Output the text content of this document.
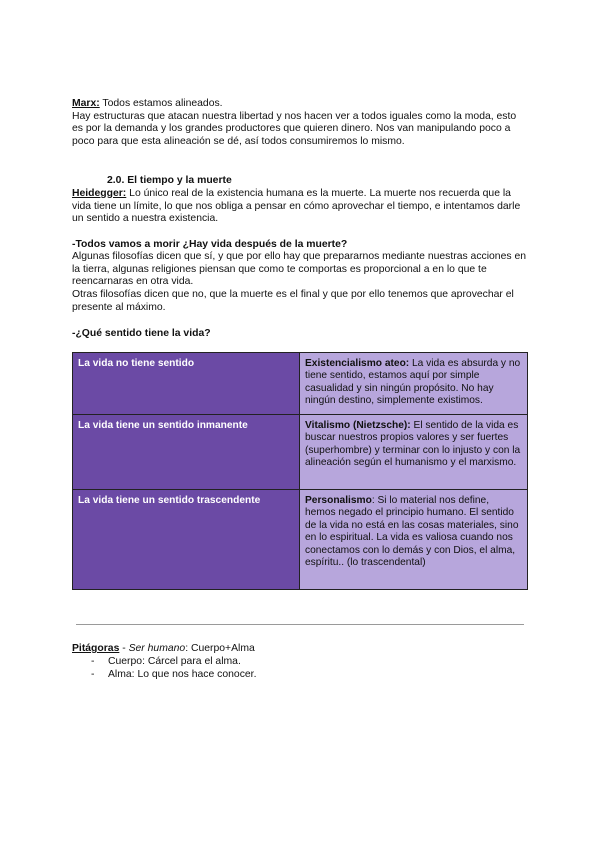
Marx: Todos estamos alineados.
Hay estructuras que atacan nuestra libertad y nos hacen ver a todos iguales como la moda, esto es por la demanda y los grandes productores que quieren dinero. Nos van manipulando poco a poco para que esta alineación se dé, así todos consumiremos lo mismo.

2.0. El tiempo y la muerte

Heidegger: Lo único real de la existencia humana es la muerte. La muerte nos recuerda que la vida tiene un límite, lo que nos obliga a pensar en cómo aprovechar el tiempo, e intentamos darle un sentido a nuestra existencia.

-Todos vamos a morir ¿Hay vida después de la muerte?

Algunas filosofías dicen que sí, y que por ello hay que prepararnos mediante nuestras acciones en la tierra, algunas religiones piensan que como te comportas es proporcional a en lo que te reencarnaras en otra vida.

Otras filosofías dicen que no, que la muerte es el final y que por ello tenemos que aprovechar el presente al máximo.

-¿Qué sentido tiene la vida?

La vida no tiene sentido	Existencialismo ateo: La vida es absurda y no tiene sentido, estamos aquí por simple casualidad y sin ningún propósito. No hay ningún destino, simplemente existimos.
La vida tiene un sentido inmanente	Vitalismo (Nietzsche): El sentido de la vida es buscar nuestros propios valores y ser fuertes (superhombre) y terminar con lo injusto y con la alineación según el humanismo y el marxismo.
La vida tiene un sentido trascendente	Personalismo: Si lo material nos define, hemos negado el principio humano. El sentido de la vida no está en las cosas materiales, sino en lo espiritual. La vida es valiosa cuando nos conectamos con lo demás y con Dios, el alma, espíritu.. (lo trascendental)

Pitágoras - Ser humano: Cuerpo+Alma

- Cuerpo: Cárcel para el alma.
- Alma: Lo que nos hace conocer.
